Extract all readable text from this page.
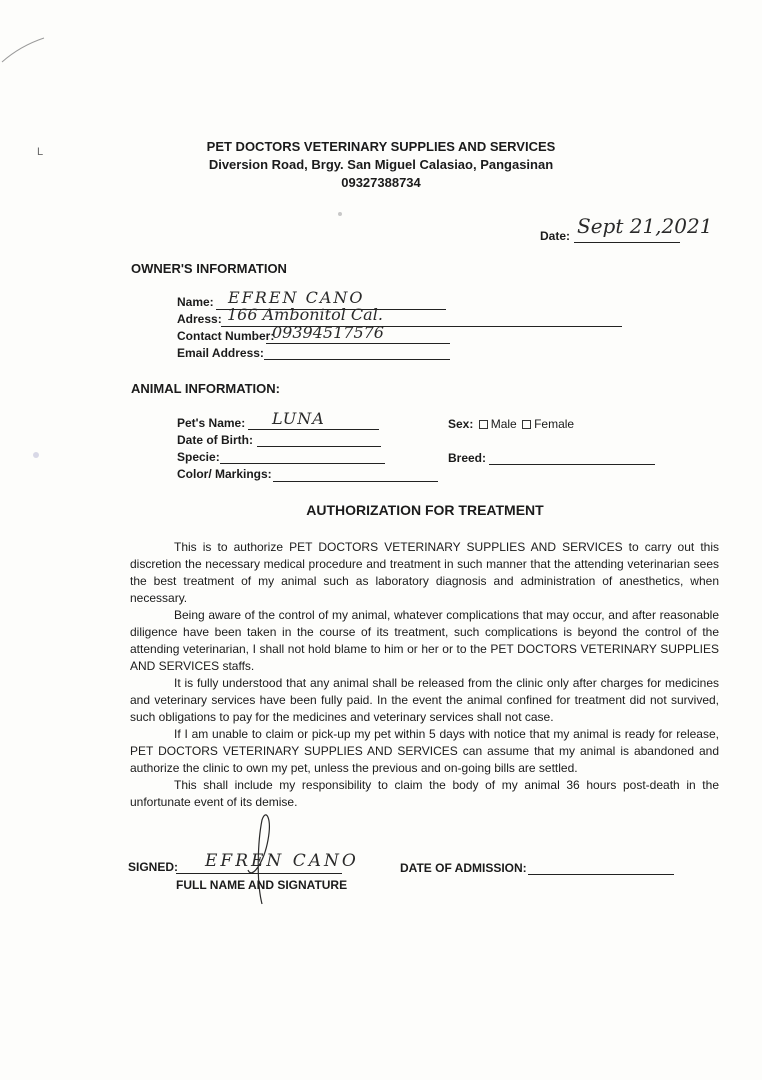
L	PET DOCTORS VETERINARY SUPPLIES AND SERVICES
Diversion Road, Brgy. San Miguel Calasiao, Pangasinan
09327388734
Date: Sept 21,2021
OWNER'S INFORMATION
Name: EFREN CANO
Adress: 166 Ambonitol Cal.
Contact Number:
09394517576
Email Address:
ANIMAL INFORMATION:
Pet's Name: LUNA
Date of Birth:
Specie:
Color/ Markings:
Sex: Male Female
Breed:
AUTHORIZATION FOR TREATMENT

This is to authorize PET DOCTORS VETERINARY SUPPLIES AND SERVICES to carry out this discretion the necessary medical procedure and treatment in such manner that the attending veterinarian sees the best treatment of my animal such as laboratory diagnosis and administration of anesthetics, when necessary.

Being aware of the control of my animal, whatever complications that may occur, and after reasonable diligence have been taken in the course of its treatment, such complications is beyond the control of the attending veterinarian, I shall not hold blame to him or her or to the PET DOCTORS VETERINARY SUPPLIES AND SERVICES staffs.

It is fully understood that any animal shall be released from the clinic only after charges for medicines and veterinary services have been fully paid. In the event the animal confined for treatment did not survived, such obligations to pay for the medicines and veterinary services shall not case.

If I am unable to claim or pick-up my pet within 5 days with notice that my animal is ready for release, PET DOCTORS VETERINARY SUPPLIES AND SERVICES can assume that my animal is abandoned and authorize the clinic to own my pet, unless the previous and on-going bills are settled.

This shall include my responsibility to claim the body of my animal 36 hours post-death in the unfortunate event of its demise.

SIGNED: EFREN CANO
FULL NAME AND SIGNATURE
DATE OF ADMISSION:
